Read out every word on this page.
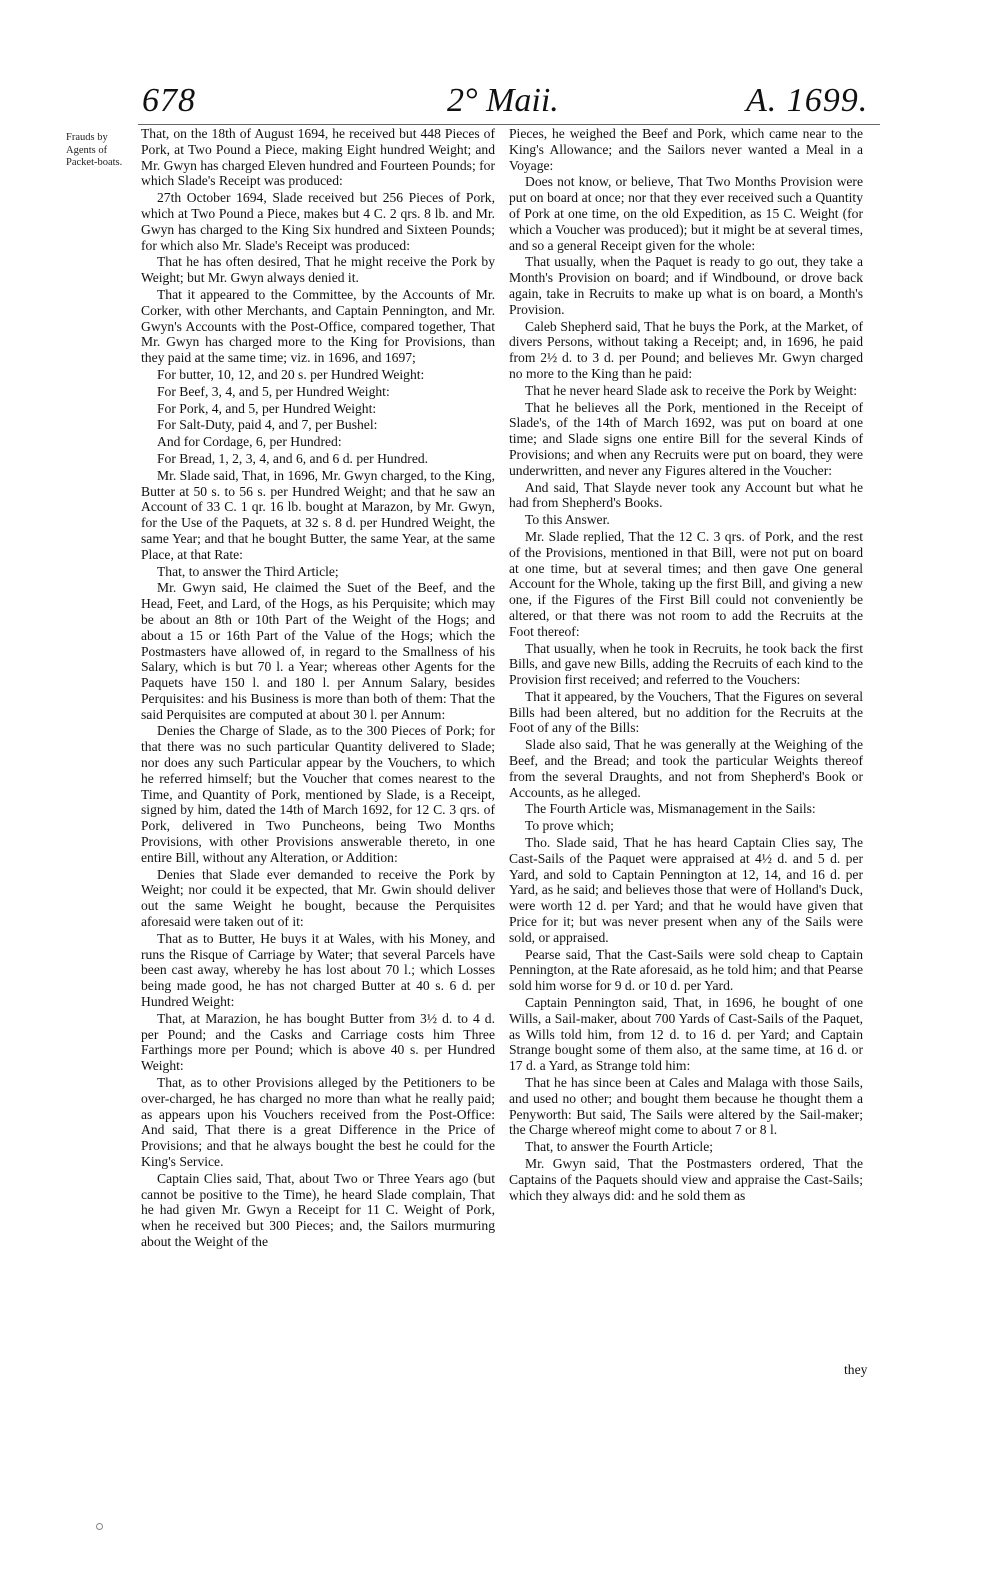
678	2° Maii.	A. 1699.
Frauds by Agents of Packet-boats.

That, on the 18th of August 1694, he received but 448 Pieces of Pork, at Two Pound a Piece, making Eight hundred Weight; and Mr. Gwyn has charged Eleven hundred and Fourteen Pounds; for which Slade's Receipt was produced:

27th October 1694, Slade received but 256 Pieces of Pork, which at Two Pound a Piece, makes but 4 C. 2 qrs. 8 lb. and Mr. Gwyn has charged to the King Six hundred and Sixteen Pounds; for which also Mr. Slade's Receipt was produced:

That he has often desired, That he might receive the Pork by Weight; but Mr. Gwyn always denied it.

That it appeared to the Committee, by the Accounts of Mr. Corker, with other Merchants, and Captain Pennington, and Mr. Gwyn's Accounts with the Post-Office, compared together, That Mr. Gwyn has charged more to the King for Provisions, than they paid at the same time; viz. in 1696, and 1697;

For butter, 10, 12, and 20 s. per Hundred Weight:

For Beef, 3, 4, and 5, per Hundred Weight:

For Pork, 4, and 5, per Hundred Weight:

For Salt-Duty, paid 4, and 7, per Bushel:

And for Cordage, 6, per Hundred:

For Bread, 1, 2, 3, 4, and 6, and 6 d. per Hundred.

Mr. Slade said, That, in 1696, Mr. Gwyn charged, to the King, Butter at 50 s. to 56 s. per Hundred Weight; and that he saw an Account of 33 C. 1 qr. 16 lb. bought at Marazon, by Mr. Gwyn, for the Use of the Paquets, at 32 s. 8 d. per Hundred Weight, the same Year; and that he bought Butter, the same Year, at the same Place, at that Rate:

That, to answer the Third Article;

Mr. Gwyn said, He claimed the Suet of the Beef, and the Head, Feet, and Lard, of the Hogs, as his Perquisite; which may be about an 8th or 10th Part of the Weight of the Hogs; and about a 15 or 16th Part of the Value of the Hogs; which the Postmasters have allowed of, in regard to the Smallness of his Salary, which is but 70 l. a Year; whereas other Agents for the Paquets have 150 l. and 180 l. per Annum Salary, besides Perquisites: and his Business is more than both of them: That the said Perquisites are computed at about 30 l. per Annum:

Denies the Charge of Slade, as to the 300 Pieces of Pork; for that there was no such particular Quantity delivered to Slade; nor does any such Particular appear by the Vouchers, to which he referred himself; but the Voucher that comes nearest to the Time, and Quantity of Pork, mentioned by Slade, is a Receipt, signed by him, dated the 14th of March 1692, for 12 C. 3 qrs. of Pork, delivered in Two Puncheons, being Two Months Provisions, with other Provisions answerable thereto, in one entire Bill, without any Alteration, or Addition:

Denies that Slade ever demanded to receive the Pork by Weight; nor could it be expected, that Mr. Gwin should deliver out the same Weight he bought, because the Perquisites aforesaid were taken out of it:

That as to Butter, He buys it at Wales, with his Money, and runs the Risque of Carriage by Water; that several Parcels have been cast away, whereby he has lost about 70 l.; which Losses being made good, he has not charged Butter at 40 s. 6 d. per Hundred Weight:

That, at Marazion, he has bought Butter from 3½ d. to 4 d. per Pound; and the Casks and Carriage costs him Three Farthings more per Pound; which is above 40 s. per Hundred Weight:

That, as to other Provisions alleged by the Petitioners to be over-charged, he has charged no more than what he really paid; as appears upon his Vouchers received from the Post-Office: And said, That there is a great Difference in the Price of Provisions; and that he always bought the best he could for the King's Service.

Captain Clies said, That, about Two or Three Years ago (but cannot be positive to the Time), he heard Slade complain, That he had given Mr. Gwyn a Receipt for 11 C. Weight of Pork, when he received but 300 Pieces; and, the Sailors murmuring about the Weight of the

Pieces, he weighed the Beef and Pork, which came near to the King's Allowance; and the Sailors never wanted a Meal in a Voyage:

Does not know, or believe, That Two Months Provision were put on board at once; nor that they ever received such a Quantity of Pork at one time, on the old Expedition, as 15 C. Weight (for which a Voucher was produced); but it might be at several times, and so a general Receipt given for the whole:

That usually, when the Paquet is ready to go out, they take a Month's Provision on board; and if Windbound, or drove back again, take in Recruits to make up what is on board, a Month's Provision.

Caleb Shepherd said, That he buys the Pork, at the Market, of divers Persons, without taking a Receipt; and, in 1696, he paid from 2½ d. to 3 d. per Pound; and believes Mr. Gwyn charged no more to the King than he paid:

That he never heard Slade ask to receive the Pork by Weight:

That he believes all the Pork, mentioned in the Receipt of Slade's, of the 14th of March 1692, was put on board at one time; and Slade signs one entire Bill for the several Kinds of Provisions; and when any Recruits were put on board, they were underwritten, and never any Figures altered in the Voucher:

And said, That Slayde never took any Account but what he had from Shepherd's Books.

To this Answer.

Mr. Slade replied, That the 12 C. 3 qrs. of Pork, and the rest of the Provisions, mentioned in that Bill, were not put on board at one time, but at several times; and then gave One general Account for the Whole, taking up the first Bill, and giving a new one, if the Figures of the First Bill could not conveniently be altered, or that there was not room to add the Recruits at the Foot thereof:

That usually, when he took in Recruits, he took back the first Bills, and gave new Bills, adding the Recruits of each kind to the Provision first received; and referred to the Vouchers:

That it appeared, by the Vouchers, That the Figures on several Bills had been altered, but no addition for the Recruits at the Foot of any of the Bills:

Slade also said, That he was generally at the Weighing of the Beef, and the Bread; and took the particular Weights thereof from the several Draughts, and not from Shepherd's Book or Accounts, as he alleged.

The Fourth Article was, Mismanagement in the Sails:

To prove which;

Tho. Slade said, That he has heard Captain Clies say, The Cast-Sails of the Paquet were appraised at 4½ d. and 5 d. per Yard, and sold to Captain Pennington at 12, 14, and 16 d. per Yard, as he said; and believes those that were of Holland's Duck, were worth 12 d. per Yard; and that he would have given that Price for it; but was never present when any of the Sails were sold, or appraised.

Pearse said, That the Cast-Sails were sold cheap to Captain Pennington, at the Rate aforesaid, as he told him; and that Pearse sold him worse for 9 d. or 10 d. per Yard.

Captain Pennington said, That, in 1696, he bought of one Wills, a Sail-maker, about 700 Yards of Cast-Sails of the Paquet, as Wills told him, from 12 d. to 16 d. per Yard; and Captain Strange bought some of them also, at the same time, at 16 d. or 17 d. a Yard, as Strange told him:

That he has since been at Cales and Malaga with those Sails, and used no other; and bought them because he thought them a Penyworth: But said, The Sails were altered by the Sail-maker; the Charge whereof might come to about 7 or 8 l.

That, to answer the Fourth Article;

Mr. Gwyn said, That the Postmasters ordered, That the Captains of the Paquets should view and appraise the Cast-Sails; which they always did: and he sold them as

they
